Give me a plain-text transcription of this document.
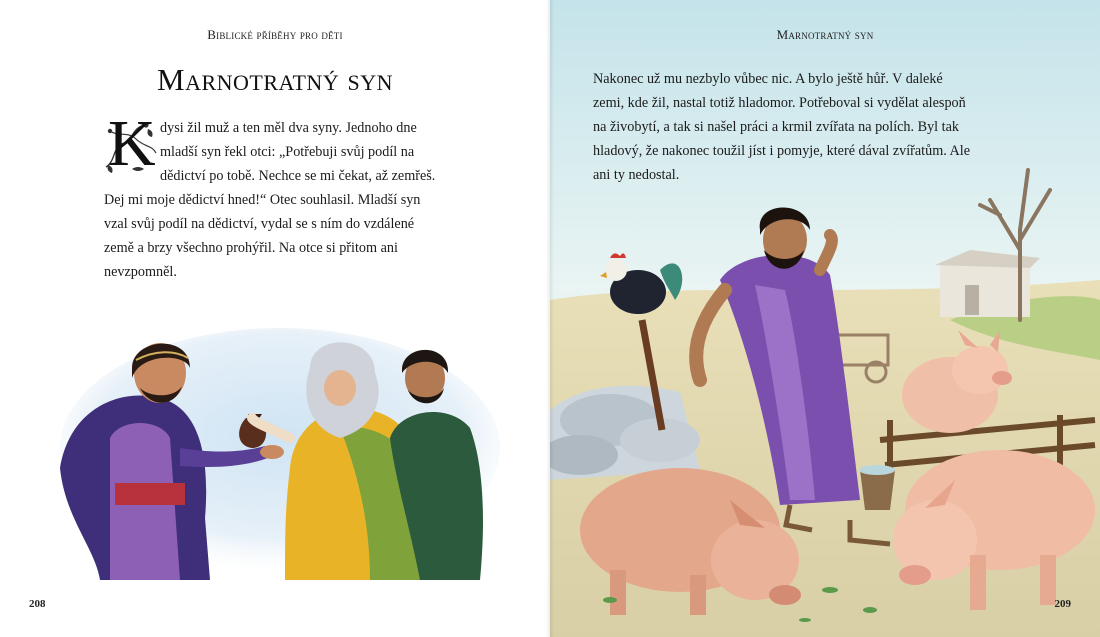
Biblické příběhy pro děti
Marnotratný syn
K dysi žil muž a ten měl dva syny. Jednoho dne
mladší syn řekl otci: „Potřebuji svůj podíl na
dědictví po tobě. Nechce se mi čekat, až zemřeš.
Dej mi moje dědictví hned!“ Otec souhlasil. Mladší syn
vzal svůj podíl na dědictví, vydal se s ním do vzdálené
země a brzy všechno prohýřil. Na otce si přitom ani
nevzpomněl.
208
Marnotratný syn
Nakonec už mu nezbylo vůbec nic. A bylo ještě hůř. V daleké
zemi, kde žil, nastal totiž hladomor. Potřeboval si vydělat alespoň
na živobytí, a tak si našel práci a krmil zvířata na polích. Byl tak
hladový, že nakonec toužil jíst i pomyje, které dával zvířatům. Ale
ani ty nedostal.
209
